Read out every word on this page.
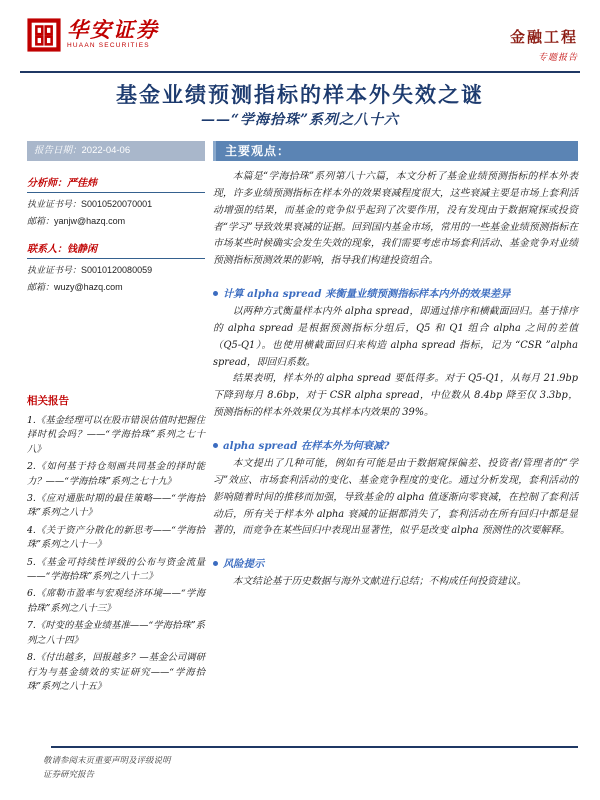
华安证券
HUAAN SECURITIES	金融工程
专题报告
基金业绩预测指标的样本外失效之谜
——“学海拾珠”系列之八十六
报告日期：2022-04-06
分析师：严佳炜
执业证书号：S0010520070001
邮箱：yanjw@hazq.com
联系人：钱静闲
执业证书号：S0010120080059
邮箱：wuzy@hazq.com
相关报告
1.《基金经理可以在股市错误估值时把握住择时机会吗？——“学海拾珠”系列之七十八》
2.《如何基于持仓刻画共同基金的择时能力？——“学海拾珠”系列之七十九》
3.《应对通胀时期的最佳策略——“学海拾珠”系列之八十》
4.《关于资产分散化的新思考——“学海拾珠”系列之八十一》
5.《基金可持续性评级的公布与资金流量——“学海拾珠”系列之八十二》
6.《席勒市盈率与宏观经济环境——“学海拾珠”系列之八十三》
7.《时变的基金业绩基准——“学海拾珠”系列之八十四》
8.《付出越多，回报越多？—基金公司调研行为与基金绩效的实证研究——“学海拾珠”系列之八十五》
主要观点：

本篇是“学海拾珠”系列第八十六篇，本文分析了基金业绩预测指标的样本外表现，许多业绩预测指标在样本外的效果衰减程度很大，这些衰减主要是市场上套利活动增强的结果，而基金的竞争似乎起到了次要作用，没有发现由于数据窥探或投资者“学习”导致效果衰减的证据。回到国内基金市场，常用的一些基金业绩预测指标在市场某些时候确实会发生失效的现象，我们需要考虑市场套利活动、基金竞争对业绩预测指标预测效果的影响，指导我们构建投资组合。

计算 alpha spread 来衡量业绩预测指标样本内外的效果差异

以两种方式衡量样本内外 alpha spread，即通过排序和横截面回归。基于排序的 alpha spread 是根据预测指标分组后，Q5 和 Q1 组合 alpha 之间的差值（Q5-Q1）。也使用横截面回归来构造 alpha spread 指标，记为 “CSR ”alpha spread，即回归系数。

结果表明，样本外的 alpha spread 要低得多。对于 Q5-Q1，从每月 21.9bp 下降到每月 8.6bp，对于 CSR alpha spread，中位数从 8.4bp 降至仅 3.3bp，预测指标的样本外效果仅为其样本内效果的 39%。

alpha spread 在样本外为何衰减?

本文提出了几种可能，例如有可能是由于数据窥探偏差、投资者/管理者的“学习”效应、市场套利活动的变化、基金竞争程度的变化。通过分析发现，套利活动的影响随着时间的推移而加强，导致基金的 alpha 值逐渐向零衰减，在控制了套利活动后，所有关于样本外 alpha 衰减的证据都消失了，套利活动在所有回归中都是显著的，而竞争在某些回归中表现出显著性，似乎是改变 alpha 预测性的次要解释。

风险提示

本文结论基于历史数据与海外文献进行总结；不构成任何投资建议。

敬请参阅末页重要声明及评级说明
证券研究报告
